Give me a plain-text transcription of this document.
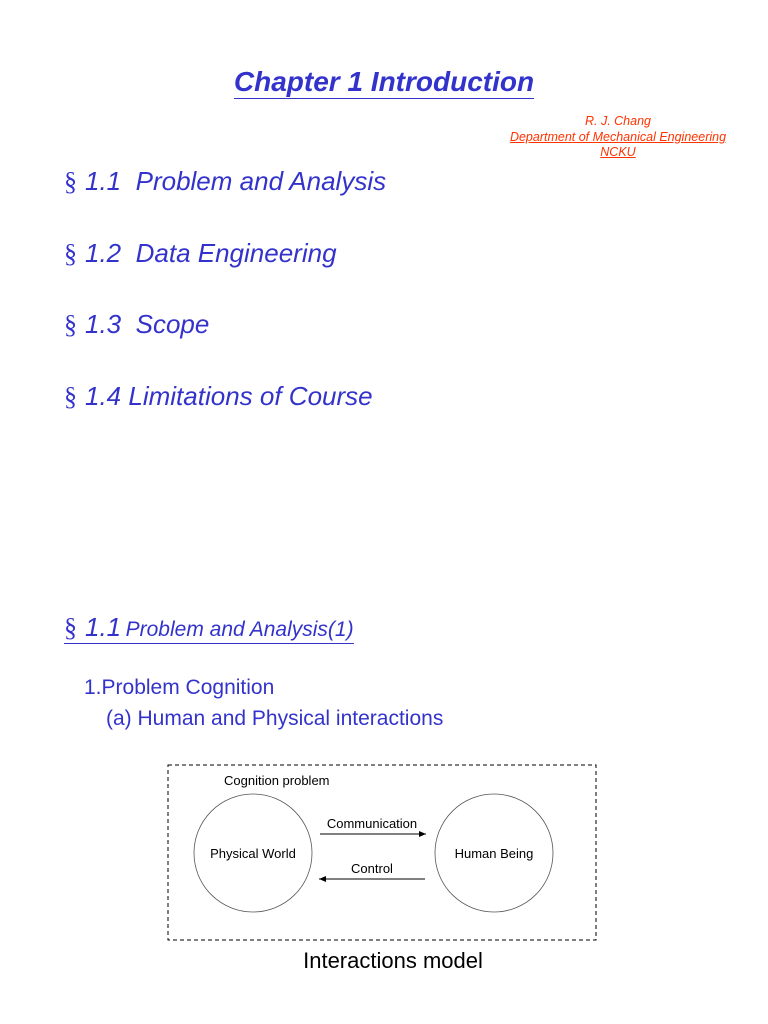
Chapter 1 Introduction
R. J. Chang
Department of Mechanical Engineering
NCKU
§ 1.1 Problem and Analysis
§ 1.2 Data Engineering
§ 1.3 Scope
§ 1.4 Limitations of Course
§ 1.1 Problem and Analysis(1)
1.Problem Cognition
(a) Human and Physical interactions
Cognition problem
Physical World	Human Being
Communication
Control
Interactions model
